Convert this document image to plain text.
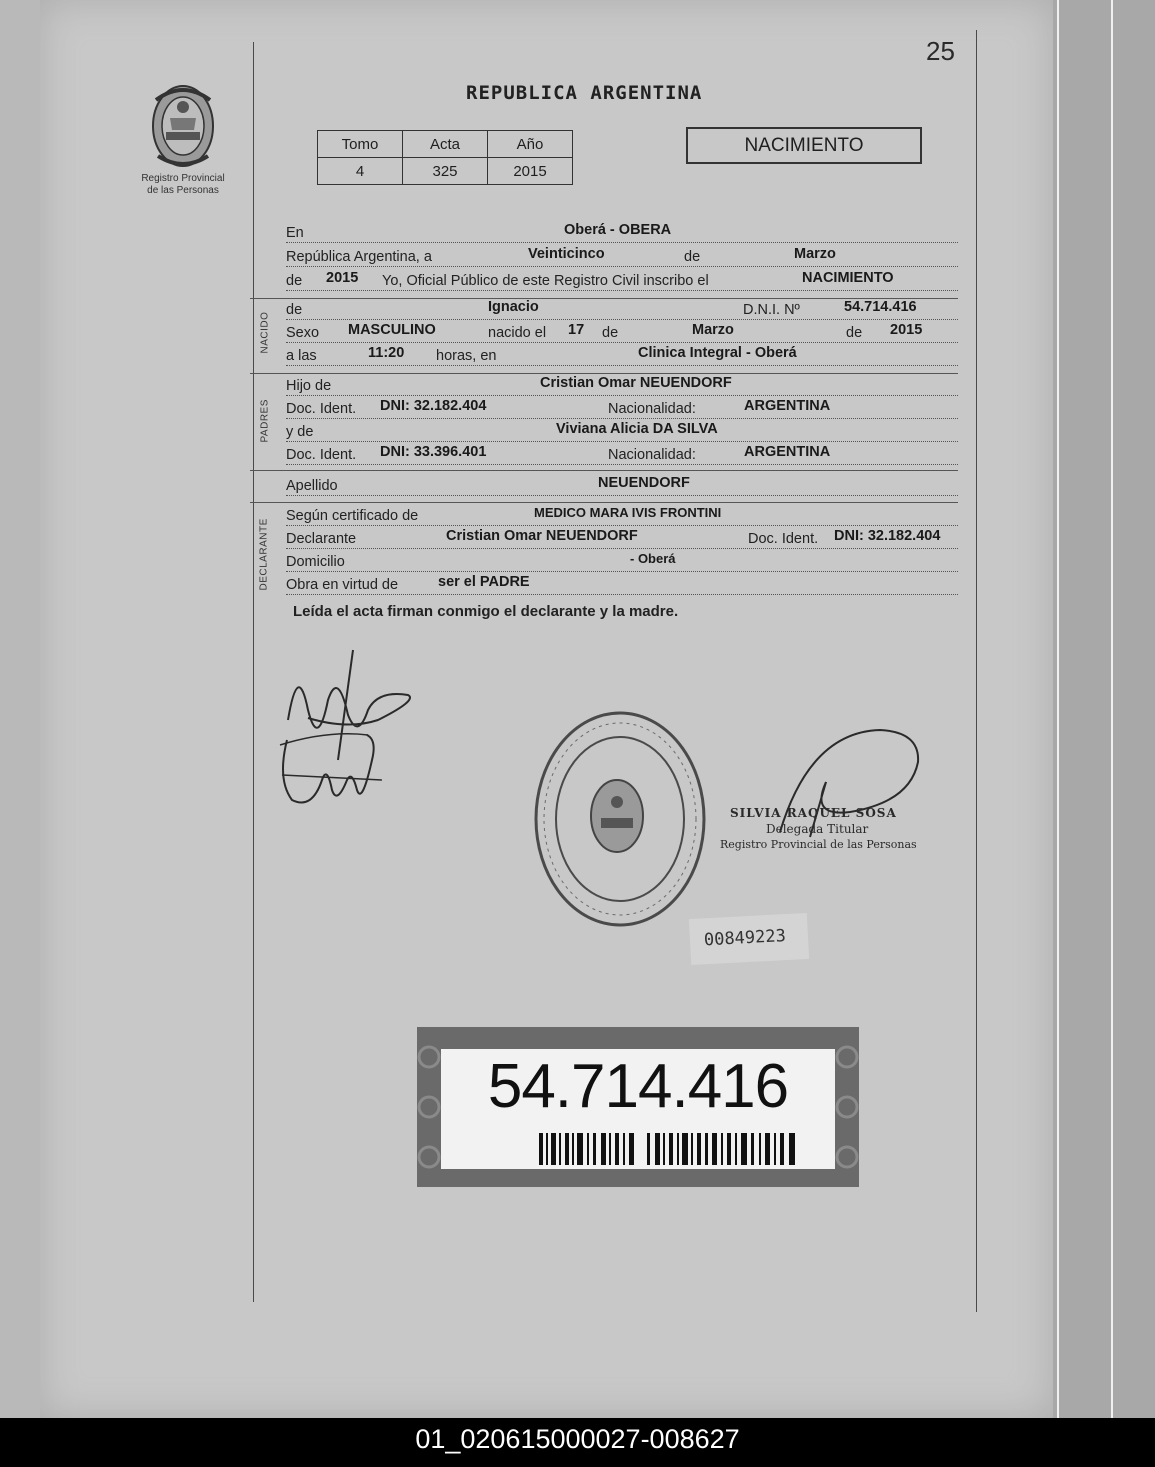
25
Registro Provincial
de las Personas
REPUBLICA ARGENTINA
Tomo	Acta	Año
4	325	2015
NACIMIENTO
En	Oberá - OBERA
República Argentina, a	Veinticinco	de	Marzo
de 2015 Yo, Oficial Público de este Registro Civil inscribo el	NACIMIENTO
NACIDO
de	Ignacio	D.N.I. Nº	54.714.416
Sexo MASCULINO	nacido el 17 de	Marzo	de 2015
a las	11:20 horas, en	Clinica Integral - Oberá
PADRES
Hijo de	Cristian Omar NEUENDORF
Doc. Ident. DNI: 32.182.404	Nacionalidad:	ARGENTINA
y de	Viviana Alicia DA SILVA
Doc. Ident. DNI: 33.396.401	Nacionalidad:	ARGENTINA
Apellido	NEUENDORF
DECLARANTE
Según certificado de	MEDICO MARA IVIS FRONTINI
Declarante	Cristian Omar NEUENDORF	Doc. Ident. DNI: 32.182.404
Domicilio	- Oberá
Obra en virtud de	ser el PADRE
Leída el acta firman conmigo el declarante y la madre.
SILVIA RAQUEL SOSA
Delegada Titular
Registro Provincial de las Personas
00849223
54.714.416
01_020615000027-008627
